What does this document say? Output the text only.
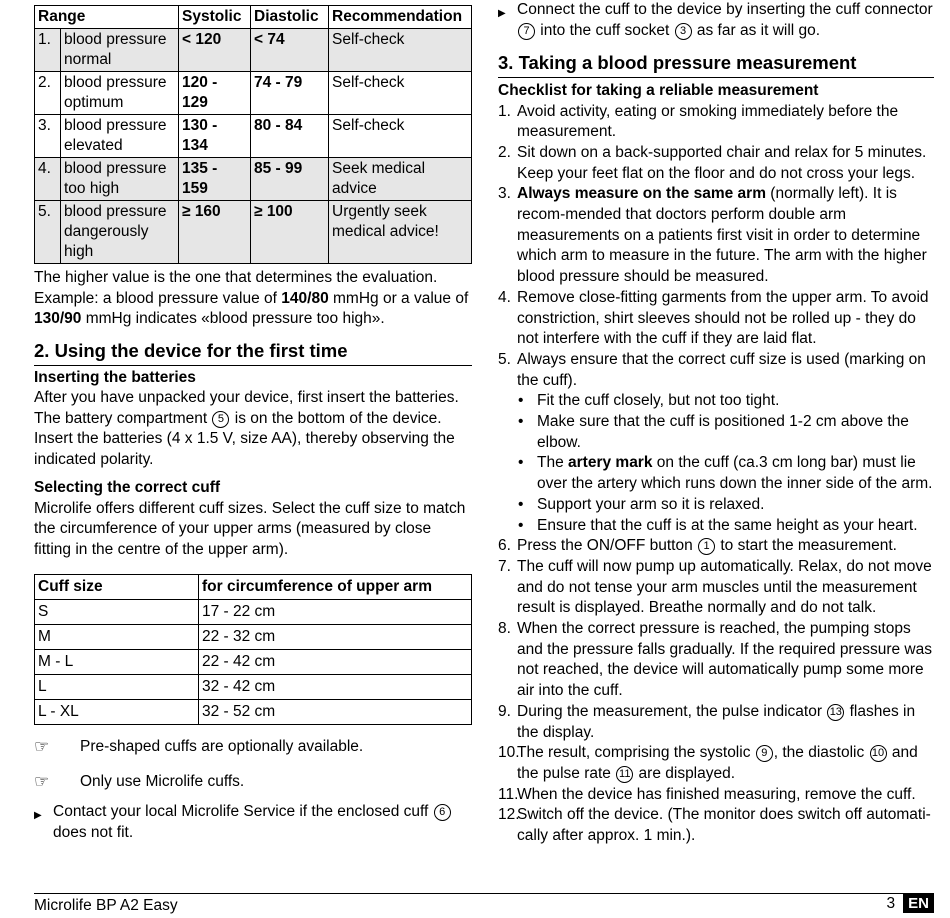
Range		Systolic	Diastolic	Recommendation
1.	blood pressure normal	< 120	< 74	Self-check
2.	blood pressure optimum	120 - 129	74 - 79	Self-check
3.	blood pressure elevated	130 - 134	80 - 84	Self-check
4.	blood pressure too high	135 - 159	85 - 99	Seek medical advice
5.	blood pressure dangerously high	≥ 160	≥ 100	Urgently seek medical advice!

The higher value is the one that determines the evaluation.

Example: a blood pressure value of 140/80 mmHg or a value of

130/90 mmHg indicates «blood pressure too high».

2. Using the device for the first time
Inserting the batteries

After you have unpacked your device, first insert the batteries. The battery compartment 5 is on the bottom of the device. Insert the batteries (4 x 1.5 V, size AA), thereby observing the indicated polarity.

Selecting the correct cuff

Microlife offers different cuff sizes. Select the cuff size to match the circumference of your upper arms (measured by close fitting in the centre of the upper arm).

Cuff size	for circumference of upper arm
S	17 - 22 cm
M	22 - 32 cm
M - L	22 - 42 cm
L	32 - 42 cm
L - XL	32 - 52 cm
☞	Pre-shaped cuffs are optionally available.
☞	Only use Microlife cuffs.
▶ Contact your local Microlife Service if the enclosed cuff 6 does not fit.
▶ Connect the cuff to the device by inserting the cuff connector 7 into the cuff socket 3 as far as it will go.
3. Taking a blood pressure measurement
Checklist for taking a reliable measurement
1. Avoid activity, eating or smoking immediately before the measurement.
2. Sit down on a back-supported chair and relax for 5 minutes. Keep your feet flat on the floor and do not cross your legs.
3. Always measure on the same arm (normally left). It is recom-mended that doctors perform double arm measurements on a patients first visit in order to determine which arm to measure in the future. The arm with the higher blood pressure should be measured.
4. Remove close-fitting garments from the upper arm. To avoid constriction, shirt sleeves should not be rolled up - they do not interfere with the cuff if they are laid flat.
5. Always ensure that the correct cuff size is used (marking on the cuff).
• Fit the cuff closely, but not too tight.
• Make sure that the cuff is positioned 1-2 cm above the elbow.
• The artery mark on the cuff (ca.3 cm long bar) must lie over the artery which runs down the inner side of the arm.
• Support your arm so it is relaxed.
• Ensure that the cuff is at the same height as your heart.
6. Press the ON/OFF button 1 to start the measurement.
7. The cuff will now pump up automatically. Relax, do not move and do not tense your arm muscles until the measurement result is displayed. Breathe normally and do not talk.
8. When the correct pressure is reached, the pumping stops and the pressure falls gradually. If the required pressure was not reached, the device will automatically pump some more air into the cuff.
9. During the measurement, the pulse indicator 13 flashes in the display.
10.
The result, comprising the systolic 9 , the diastolic 10 and the pulse rate 11 are displayed.
11.
When the device has finished measuring, remove the cuff.
12.
Switch off the device. (The monitor does switch off automati-cally after approx. 1 min.).
Microlife BP A2 Easy	3 EN
